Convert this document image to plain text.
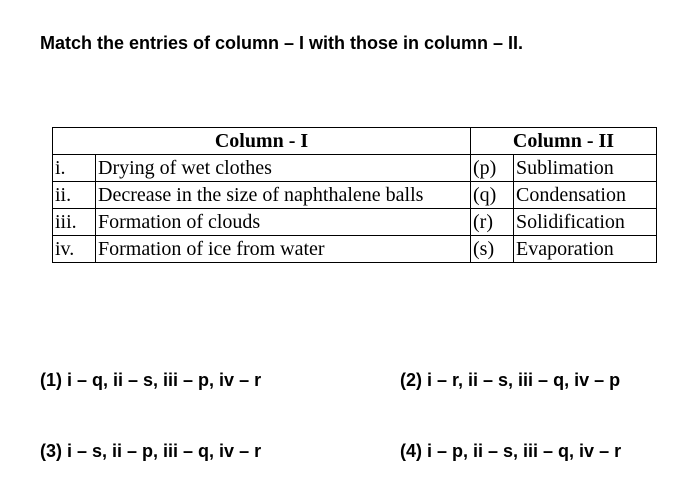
Match the entries of column – I with those in column – II.
Column - I		Column - II	
i.	Drying of wet clothes	(p)	Sublimation
ii.	Decrease in the size of naphthalene balls	(q)	Condensation
iii.	Formation of clouds	(r)	Solidification
iv.	Formation of ice from water	(s)	Evaporation
(1) i – q, ii – s, iii – p, iv – r	(2) i – r, ii – s, iii – q, iv – p
(3) i – s, ii – p, iii – q, iv – r	(4) i – p, ii – s, iii – q, iv – r
